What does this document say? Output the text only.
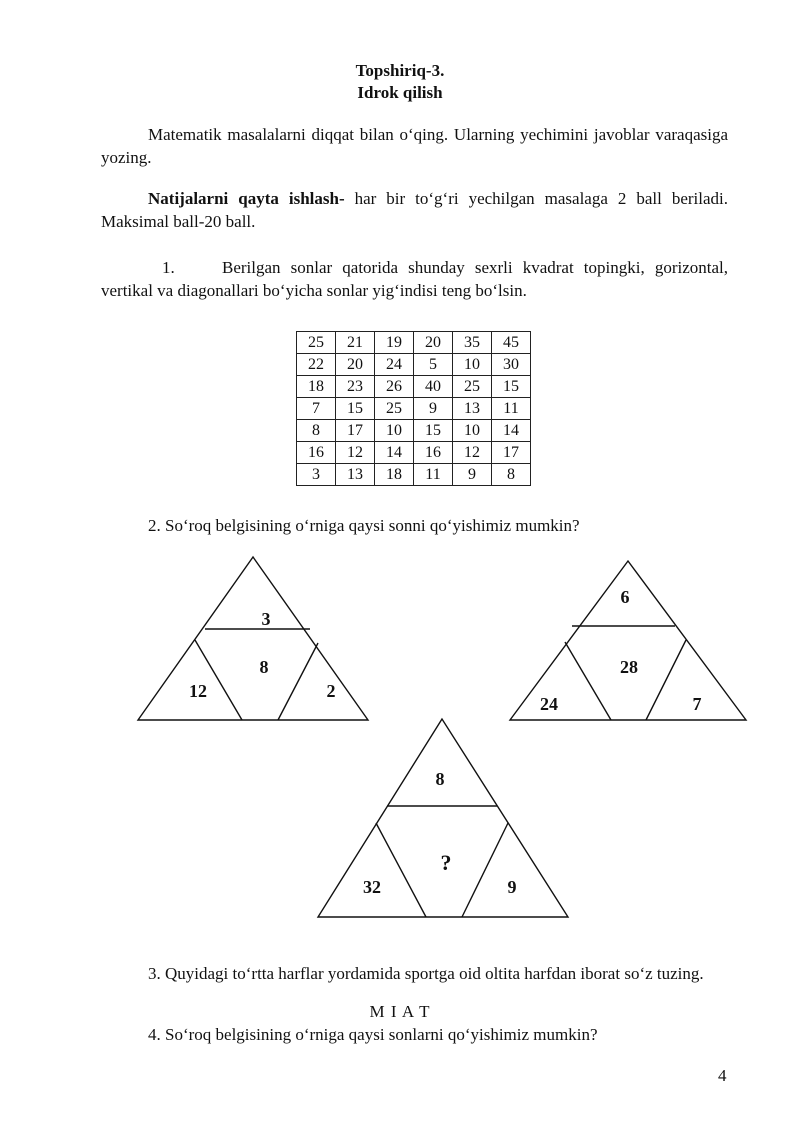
Topshiriq-3.
Idrok qilish
Matematik masalalarni diqqat bilan o‘qing. Ularning yechimini javoblar varaqasiga yozing.
Natijalarni qayta ishlash- har bir to‘g‘ri yechilgan masalaga 2 ball beriladi. Maksimal ball-20 ball.
1.	Berilgan sonlar qatorida shunday sexrli kvadrat topingki, gorizontal, vertikal va diagonallari bo‘yicha sonlar yig‘indisi teng bo‘lsin.
25	21	19	20	35	45
22	20	24	5	10	30
18	23	26	40	25	15
7	15	25	9	13	11
8	17	10	15	10	14
16	12	14	16	12	17
3	13	18	11	9	8
2. So‘roq belgisining o‘rniga qaysi sonni qo‘yishimiz mumkin?
3
8
12	2
6
28
24	7
8
?
32	9
3. Quyidagi to‘rtta harflar yordamida sportga oid oltita harfdan iborat so‘z tuzing.
M I A T
4. So‘roq belgisining o‘rniga qaysi sonlarni qo‘yishimiz mumkin?
4
